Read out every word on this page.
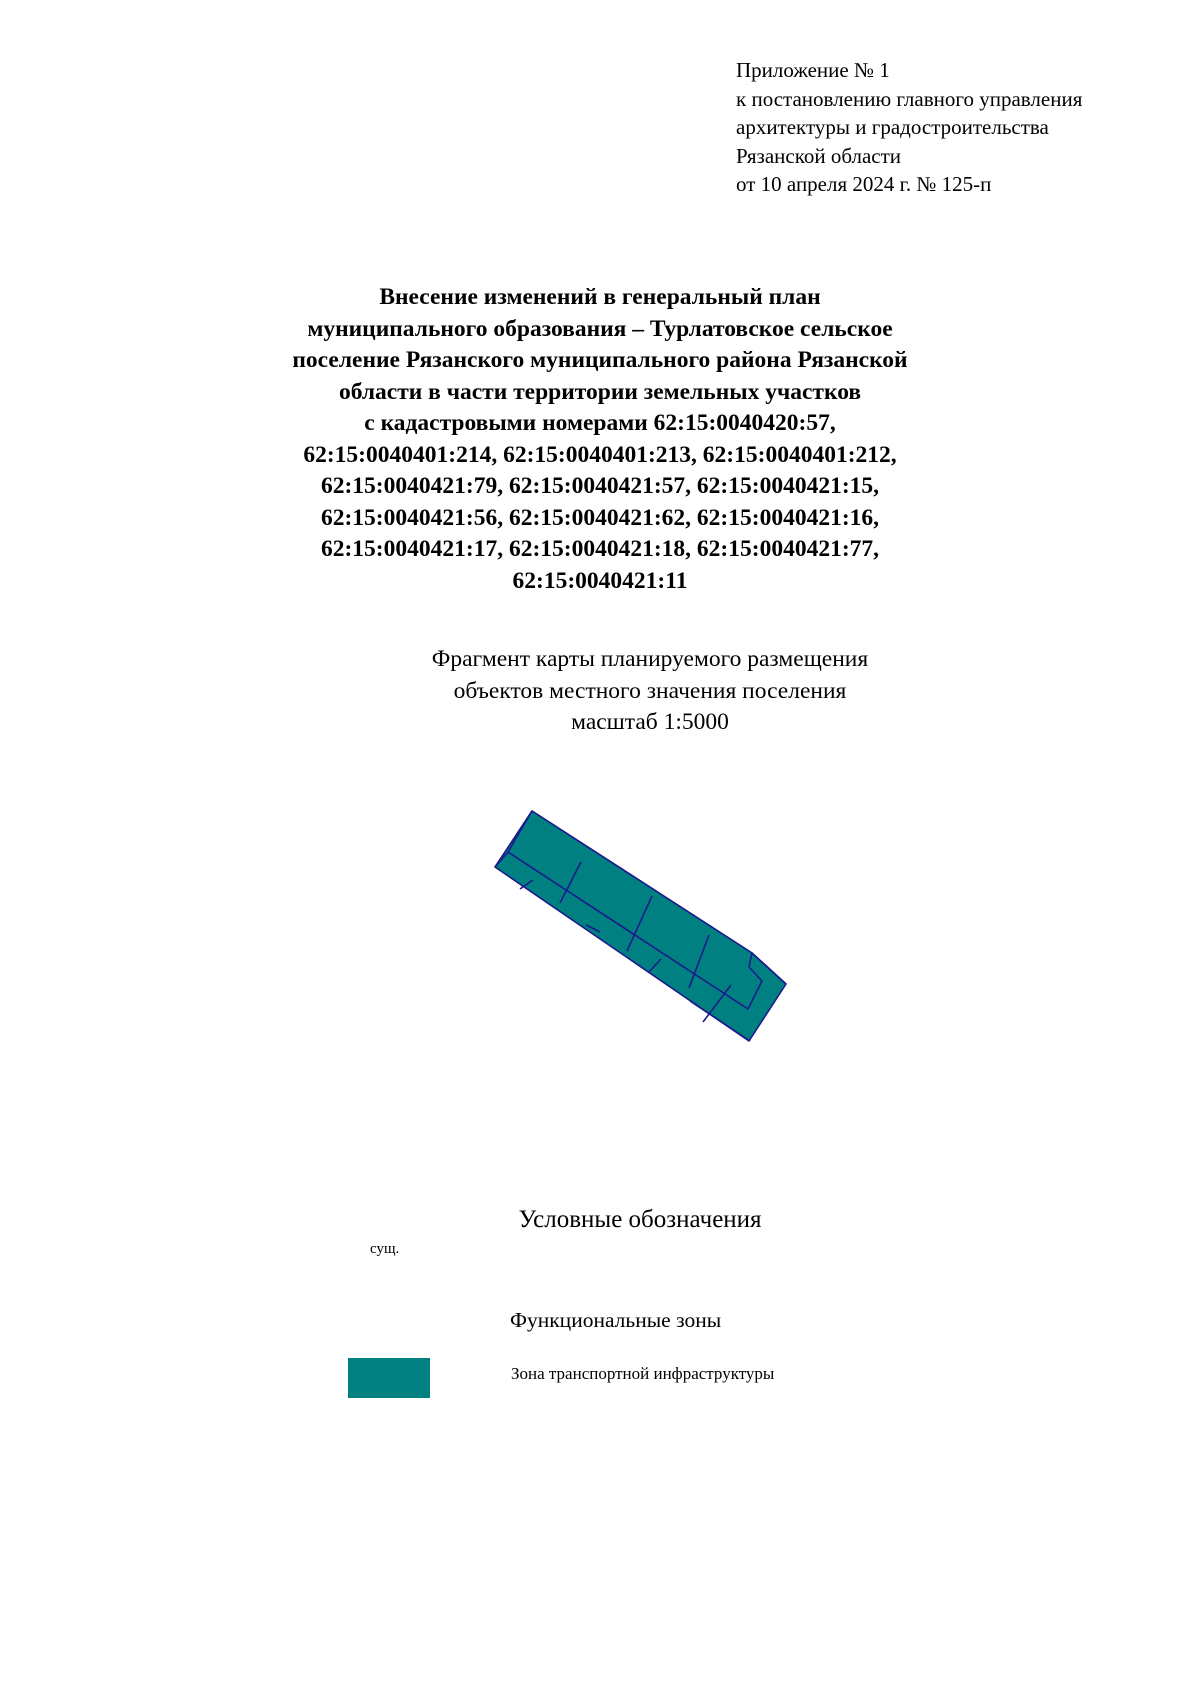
Приложение № 1
к постановлению главного управления
архитектуры и градостроительства
Рязанской области
от 10 апреля 2024 г. № 125-п
Внесение изменений в генеральный план
муниципального образования – Турлатовское сельское
поселение Рязанского муниципального района Рязанской
области в части территории земельных участков
с кадастровыми номерами 62:15:0040420:57,
62:15:0040401:214, 62:15:0040401:213, 62:15:0040401:212,
62:15:0040421:79, 62:15:0040421:57, 62:15:0040421:15,
62:15:0040421:56, 62:15:0040421:62, 62:15:0040421:16,
62:15:0040421:17, 62:15:0040421:18, 62:15:0040421:77,
62:15:0040421:11
Фрагмент карты планируемого размещения
объектов местного значения поселения
масштаб 1:5000
Условные обозначения
сущ.
Функциональные зоны
Зона транспортной инфраструктуры
